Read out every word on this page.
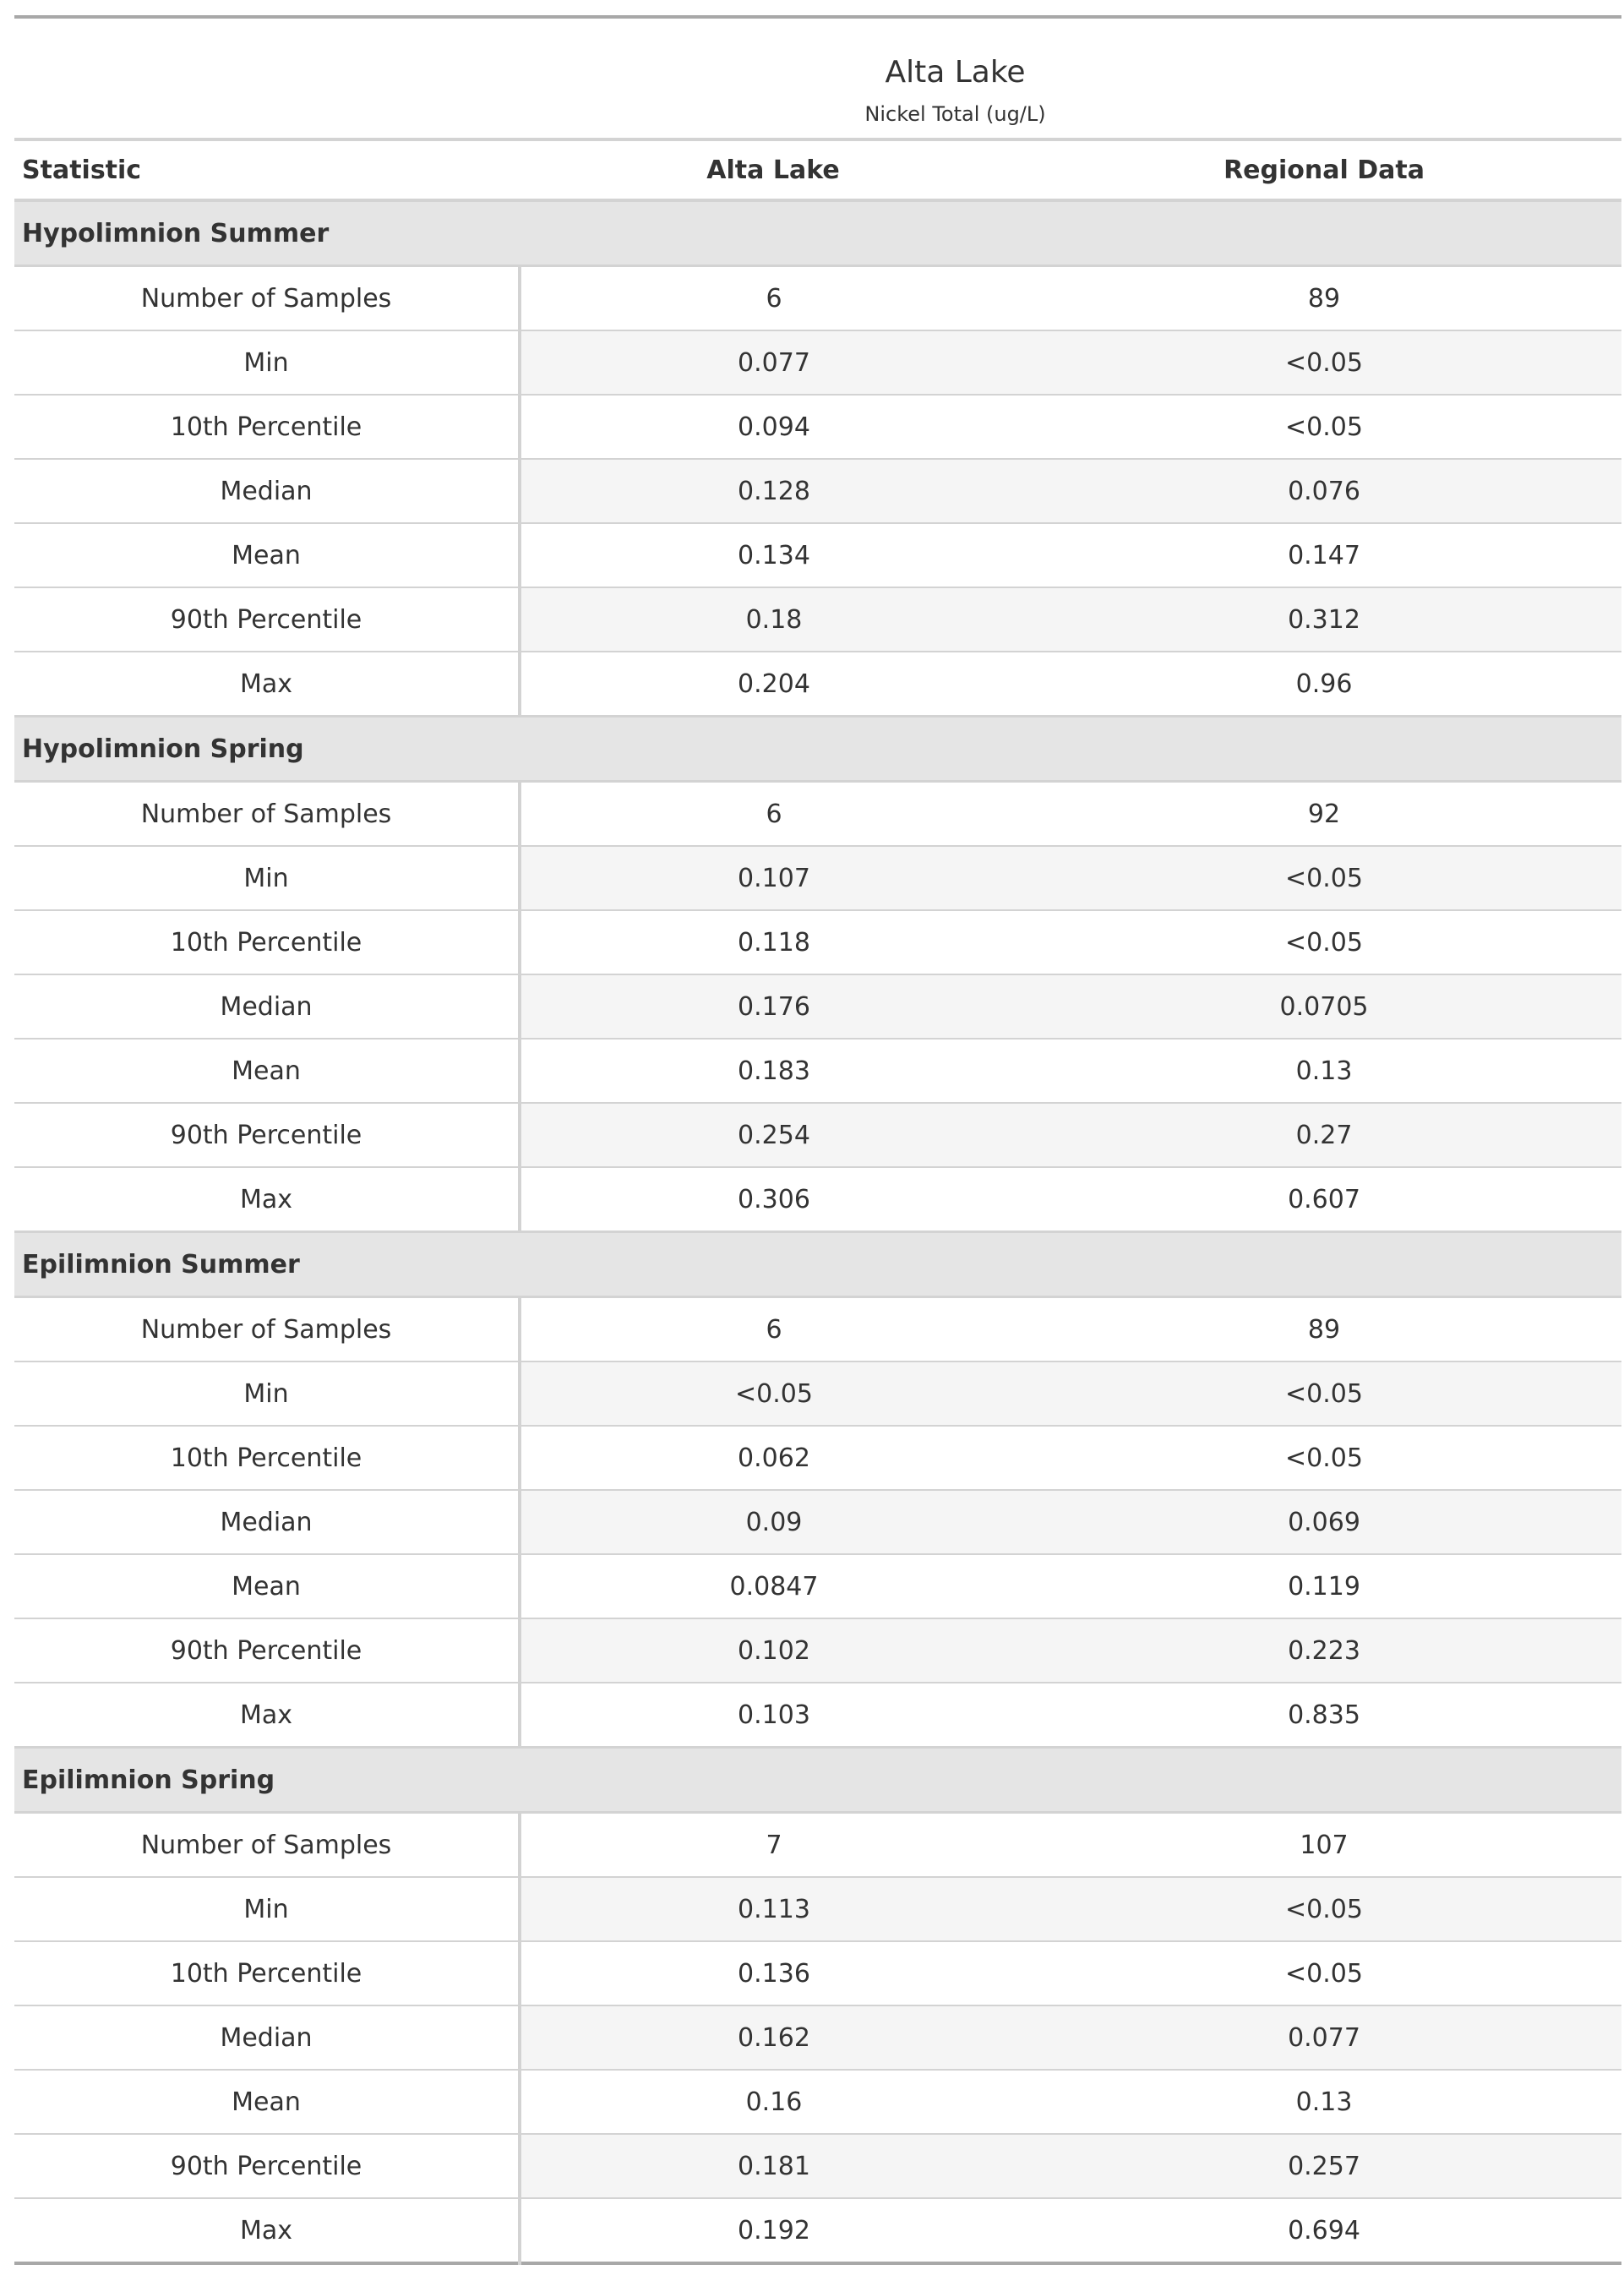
Alta Lake		
Nickel Total (ug/L)		
Statistic	Alta Lake	Regional Data
Hypolimnion Summer		
Number of Samples	6	89
Min	0.077	<0.05
10th Percentile	0.094	<0.05
Median	0.128	0.076
Mean	0.134	0.147
90th Percentile	0.18	0.312
Max	0.204	0.96
Hypolimnion Spring		
Number of Samples	6	92
Min	0.107	<0.05
10th Percentile	0.118	<0.05
Median	0.176	0.0705
Mean	0.183	0.13
90th Percentile	0.254	0.27
Max	0.306	0.607
Epilimnion Summer		
Number of Samples	6	89
Min	<0.05	<0.05
10th Percentile	0.062	<0.05
Median	0.09	0.069
Mean	0.0847	0.119
90th Percentile	0.102	0.223
Max	0.103	0.835
Epilimnion Spring		
Number of Samples	7	107
Min	0.113	<0.05
10th Percentile	0.136	<0.05
Median	0.162	0.077
Mean	0.16	0.13
90th Percentile	0.181	0.257
Max	0.192	0.694
